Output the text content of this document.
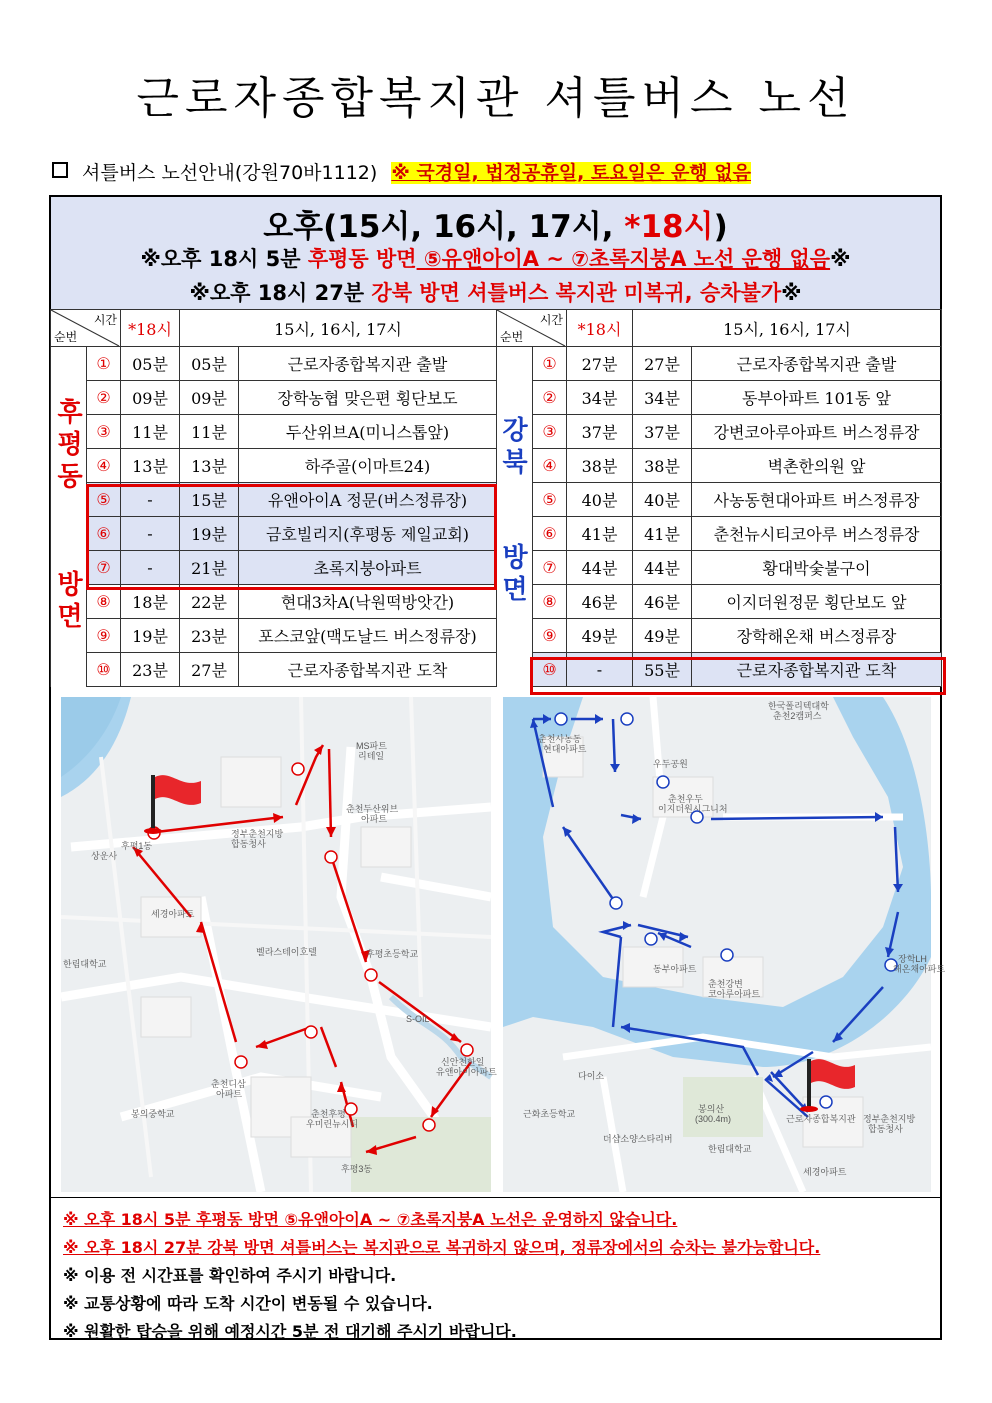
근로자종합복지관 셔틀버스 노선
셔틀버스 노선안내(강원70바1112) ※ 국경일, 법정공휴일, 토요일은 운행 없음
오후(15시, 16시, 17시, *18시)
※오후 18시 5분 후평동 방면 ⑤유앤아이A ~ ⑦초록지붕A 노선 운행 없음※
※오후 18시 27분 강북 방면 셔틀버스 복지관 미복귀, 승차불가※
시간
순번		*18시	15시, 16시, 17시	
	①	05분	05분	근로자종합복지관 출발
	②	09분	09분	장학농협 맞은편 횡단보도
	③	11분	11분	두산위브A(미니스톱앞)
	④	13분	13분	하주골(이마트24)
	⑤	-	15분	유앤아이A 정문(버스정류장)
	⑥	-	19분	금호빌리지(후평동 제일교회)
	⑦	-	21분	초록지붕아파트
	⑧	18분	22분	현대3차A(낙원떡방앗간)
	⑨	19분	23분	포스코앞(맥도날드 버스정류장)
	⑩	23분	27분	근로자종합복지관 도착
시간
순번		*18시	15시, 16시, 17시	
	①	27분	27분	근로자종합복지관 출발
	②	34분	34분	동부아파트 101동 앞
	③	37분	37분	강변코아루아파트 버스정류장
	④	38분	38분	벽촌한의원 앞
	⑤	40분	40분	사농동현대아파트 버스정류장
	⑥	41분	41분	춘천뉴시티코아루 버스정류장
	⑦	44분	44분	황대박숯불구이
	⑧	46분	46분	이지더원정문 횡단보도 앞
	⑨	49분	49분	장학해온채 버스정류장
	⑩	-	55분	근로자종합복지관 도착
후
평
동
방
면
강
북
방
면
후평1동
정부춘천지방
합동청사
춘천두산위브
아파트
세경아파트
벨라스테이호텔	후평초등학교
S-OIL
신안천한일
유앤아이아파트
춘천디삼
아파트
춘천후평
우미린뉴시티
후평3동
봉의중학교
한림대학교
상운사
MS파트
리테일
춘천사농동
현대아파트
우두공원
춘천우두
이지더원시그니처
동부아파트
춘천강변
코아루아파트
다이소
봉의산
(300.4m)
한림대학교
세경아파트
근로자종합복지관 정부춘천지방
합동청사
근화초등학교
더샵소양스타리버
한국폴리텍대학
춘천2캠퍼스
장학LH
해온채아파트
※ 오후 18시 5분 후평동 방면 ⑤유앤아이A ~ ⑦초록지붕A 노선은 운영하지 않습니다.
※ 오후 18시 27분 강북 방면 셔틀버스는 복지관으로 복귀하지 않으며, 정류장에서의 승차는 불가능합니다.
※ 이용 전 시간표를 확인하여 주시기 바랍니다.
※ 교통상황에 따라 도착 시간이 변동될 수 있습니다.
※ 원활한 탑승을 위해 예정시간 5분 전 대기해 주시기 바랍니다.
